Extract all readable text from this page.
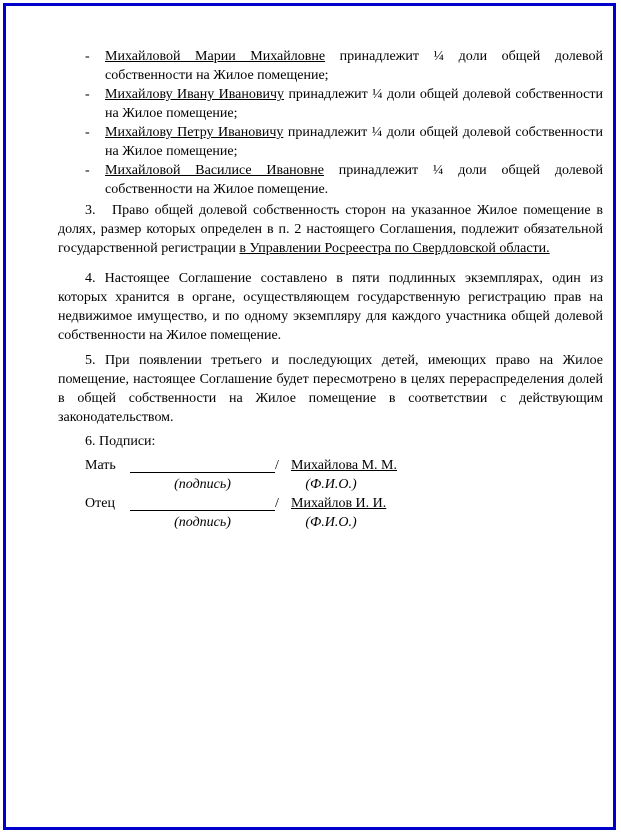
- Михайловой Марии Михайловне принадлежит ¼ доли общей долевой собственности на Жилое помещение;
- Михайлову Ивану Ивановичу принадлежит ¼ доли общей долевой собственности на Жилое помещение;
- Михайлову Петру Ивановичу принадлежит ¼ доли общей долевой собственности на Жилое помещение;
- Михайловой Василисе Ивановне принадлежит ¼ доли общей долевой собственности на Жилое помещение.

3. Право общей долевой собственность сторон на указанное Жилое помещение в долях, размер которых определен в п. 2 настоящего Соглашения, подлежит обязательной государственной регистрации в Управлении Росреестра по Свердловской области.

4. Настоящее Соглашение составлено в пяти подлинных экземплярах, один из которых хранится в органе, осуществляющем государственную регистрацию прав на недвижимое имущество, и по одному экземпляру для каждого участника общей долевой собственности на Жилое помещение.

5. При появлении третьего и последующих детей, имеющих право на Жилое помещение, настоящее Соглашение будет пересмотрено в целях перераспределения долей в общей собственности на Жилое помещение в соответствии с действующим законодательством.

6. Подписи:

Мать	/ Михайлова М. М.
(подпись)	(Ф.И.О.)
Отец	/ Михайлов И. И.
(подпись)	(Ф.И.О.)
